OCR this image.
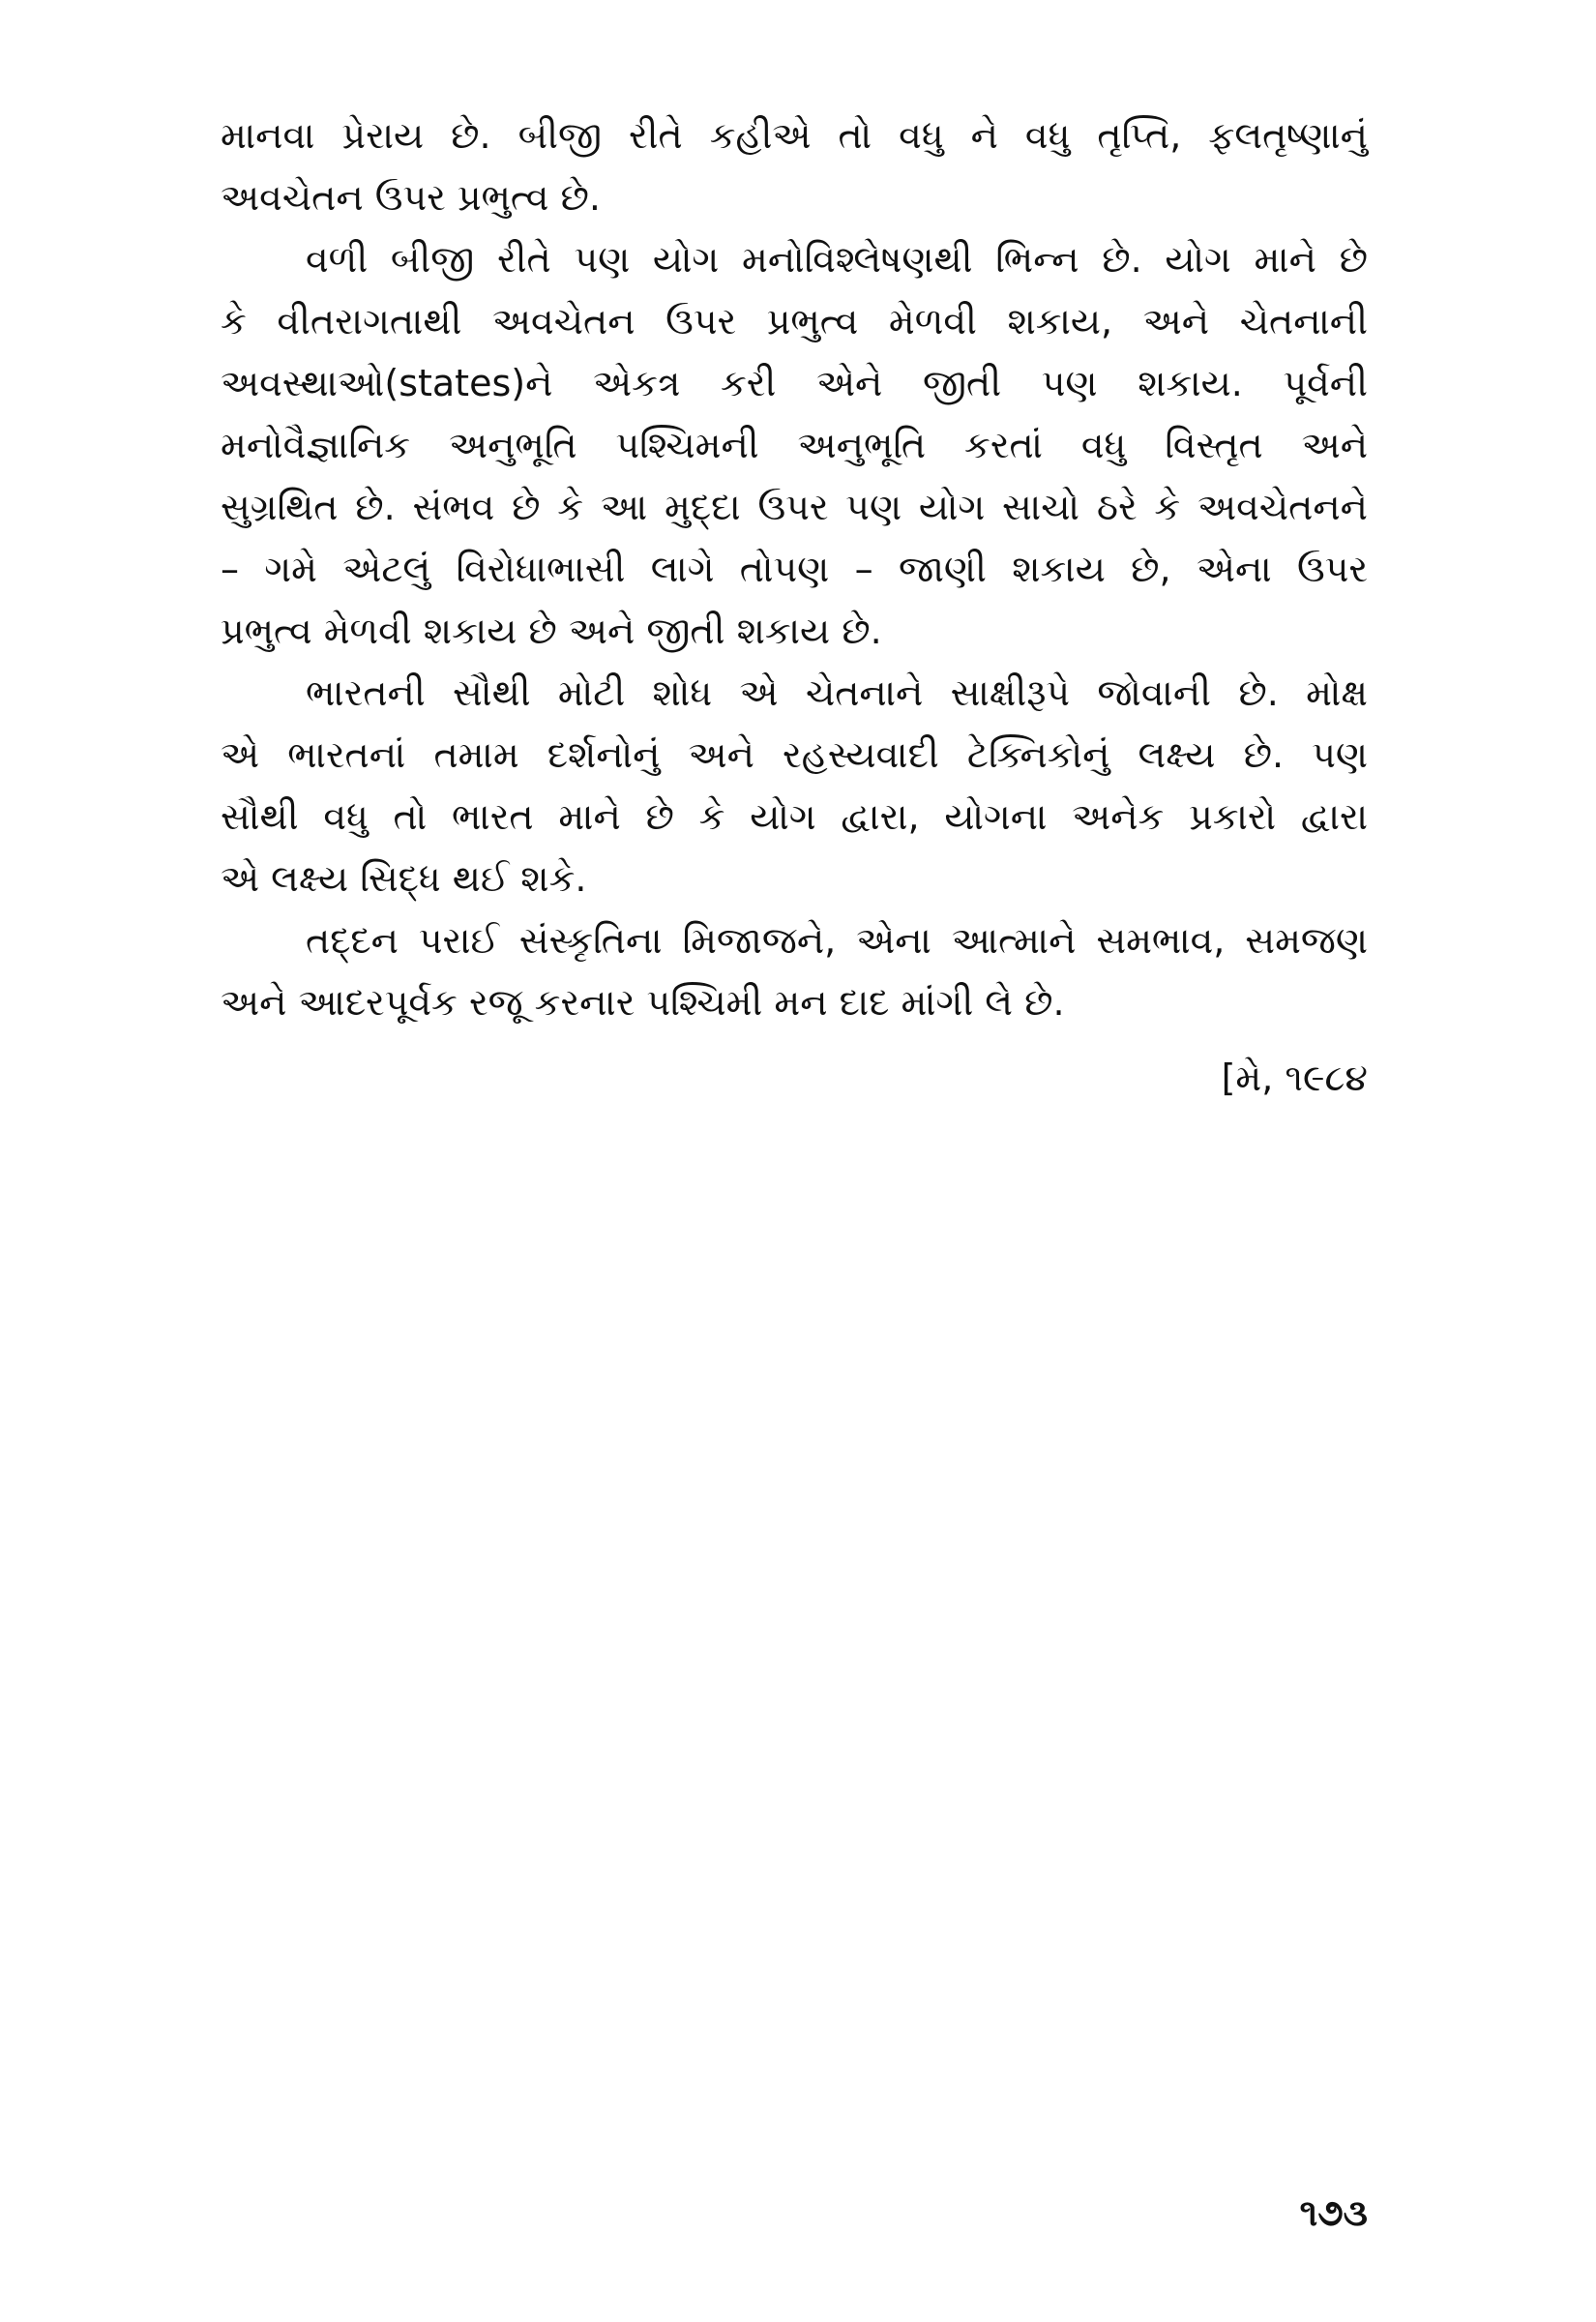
માનવા પ્રેરાય છે. બીજી રીતે કહીએ તો વધુ ને વધુ તૃપ્તિ, ફલતૃષ્ણાનું
અવચેતન ઉપર પ્રભુત્વ છે.
વળી બીજી રીતે પણ યોગ મનોવિશ્લેષણથી ભિન્ન છે. યોગ માને છે
કે વીતરાગતાથી અવચેતન ઉપર પ્રભુત્વ મેળવી શકાય, અને ચેતનાની
અવસ્થાઓ(states)ને એકત્ર કરી એને જીતી પણ શકાય. પૂર્વની
મનોવૈજ્ઞાનિક અનુભૂતિ પશ્ચિમની અનુભૂતિ કરતાં વધુ વિસ્તૃત અને
સુગ્રથિત છે. સંભવ છે કે આ મુદ્દા ઉપર પણ યોગ સાચો ઠરે કે અવચેતનને
– ગમે એટલું વિરોધાભાસી લાગે તોપણ – જાણી શકાય છે, એના ઉપર
પ્રભુત્વ મેળવી શકાય છે અને જીતી શકાય છે.
ભારતની સૌથી મોટી શોધ એ ચેતનાને સાક્ષીરૂપે જોવાની છે. મોક્ષ
એ ભારતનાં તમામ દર્શનોનું અને રહસ્યવાદી ટેક્નિકોનું લક્ષ્ય છે. પણ
સૌથી વધુ તો ભારત માને છે કે યોગ દ્વારા, યોગના અનેક પ્રકારો દ્વારા
એ લક્ષ્ય સિદ્ધ થઈ શકે.
તદ્દન પરાઈ સંસ્કૃતિના મિજાજને, એના આત્માને સમભાવ, સમજણ
અને આદરપૂર્વક રજૂ કરનાર પશ્ચિમી મન દાદ માંગી લે છે.
[મે, ૧૯૮૪
૧૭૩
